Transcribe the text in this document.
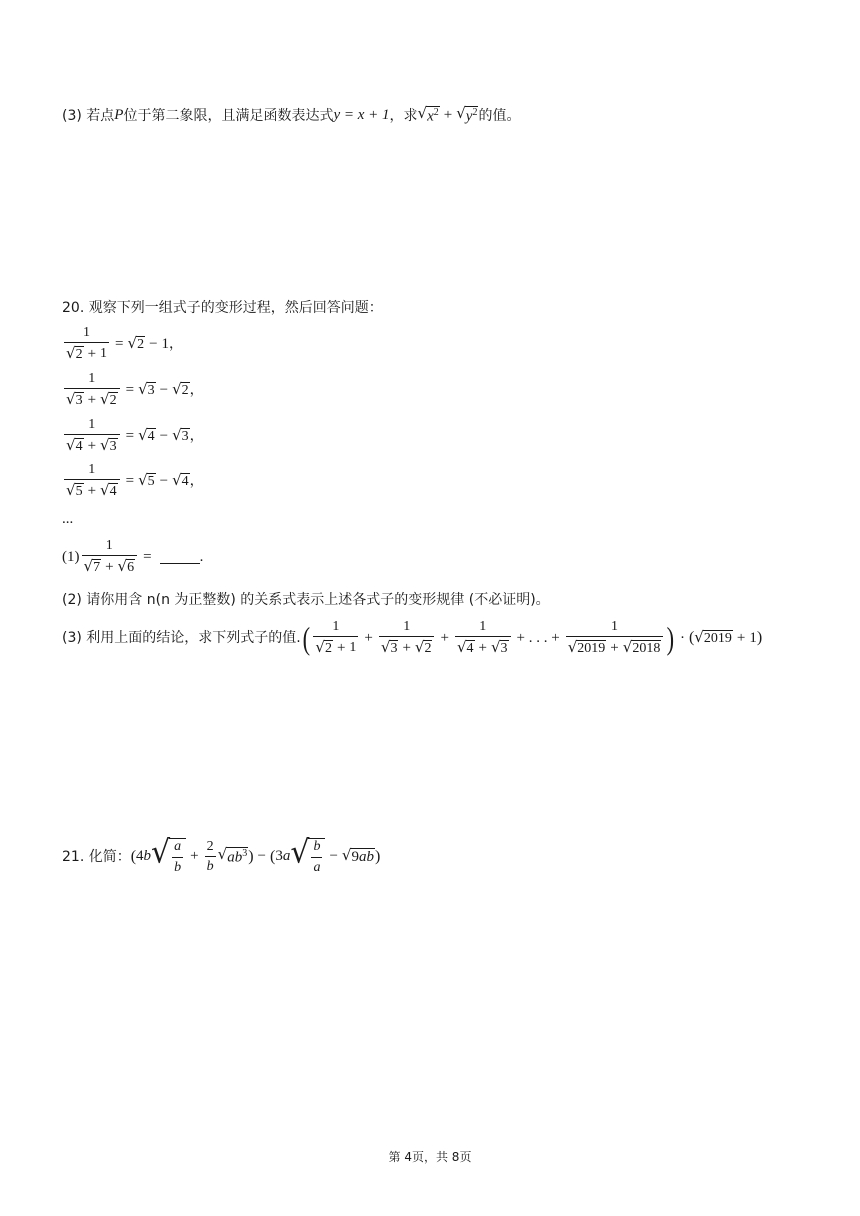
(3) 若点 P 位于第二象限，且满足函数表达式 y = x + 1 ，求 √ $x^2$ + √ $y^2$ 的值。
20. 观察下列一组式子的变形过程，然后回答问题：
$\frac{1}{√ 2 + 1}$ = √ 2 − 1 ，
$\frac{1}{√ 3 + √ 2}$ = √ 3 − √ 2 ，
$\frac{1}{√ 4 + √ 3}$ = √ 4 − √ 3 ，
$\frac{1}{√ 5 + √ 4}$ = √ 5 − √ 4 ，
...
$(1) \frac{1}{√ 7 + √ 6}$ =	.
(2) 请你用含 n(n 为正整数) 的关系式表示上述各式子的变形规律 (不必证明)。
(3) 利用上面的结论，求下列式子的值. ( $\frac{1}{√ 2 + 1} + \frac{1}{√ 3 + √ 2} + \frac{1}{√ 4 + √ 3}$ + . . . + $\frac{1}{√ 2019 + √ 2018}$ ) · ( √ 2019 + 1 )
21. 化简： ( 4 b √ $\frac{a}{b} + \frac{2}{b}$ √ $ab^3$ ) − ( 3 a √ $\frac{b}{a}$ − √ 9ab )
第 4页，共 8页
